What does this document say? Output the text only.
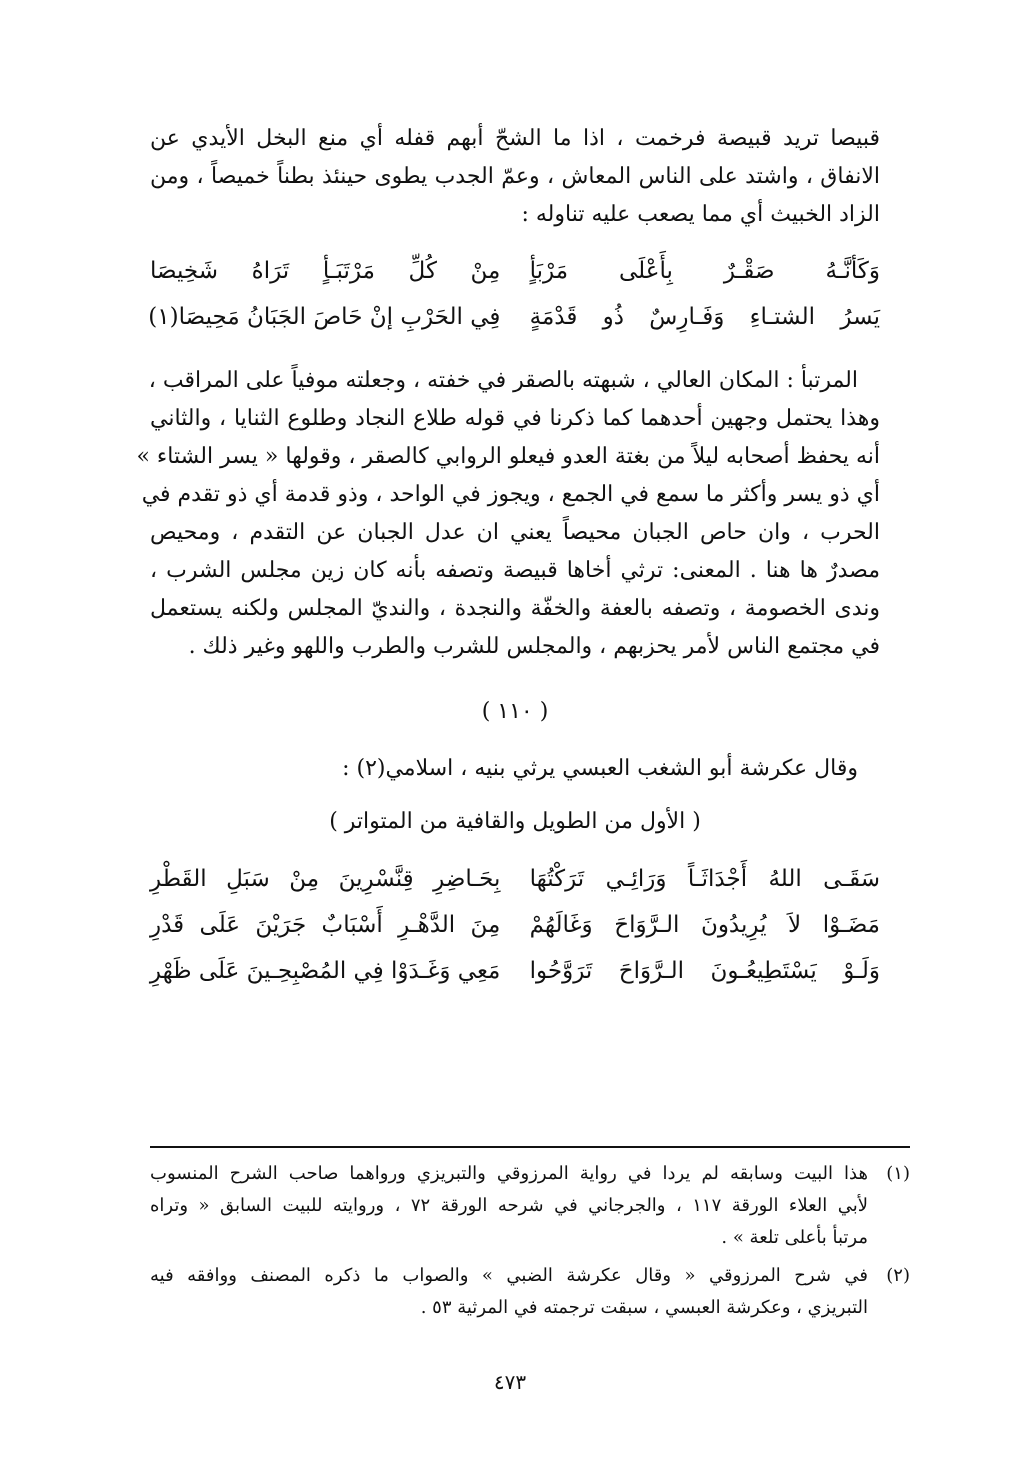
قبيصا تريد قبيصة فرخمت ، اذا ما الشحّ أبهم قفله أي منع البخل الأيدي عن
الانفاق ، واشتد على الناس المعاش ، وعمّ الجدب يطوى حينئذ بطناً خميصاً ، ومن
الزاد الخبيث أي مما يصعب عليه تناوله :
وَكَأنَّـهُ صَقْـرٌ بِأَعْلَى مَرْبَأٍ
مِنْ كُلِّ مَرْتَبَـأٍ تَرَاهُ شَخِيصَا
يَسرُ الشتـاءِ وَفَـارِسٌ ذُو قَدْمَةٍ
فِي الحَرْبِ إنْ حَاصَ الجَبَانُ مَحِيصَا(١)
المرتبأ : المكان العالي ، شبهته بالصقر في خفته ، وجعلته موفياً على المراقب ،
وهذا يحتمل وجهين أحدهما كما ذكرنا في قوله طلاع النجاد وطلوع الثنايا ، والثاني
أنه يحفظ أصحابه ليلاً من بغتة العدو فيعلو الروابي كالصقر ، وقولها « يسر الشتاء »
أي ذو يسر وأكثر ما سمع في الجمع ، ويجوز في الواحد ، وذو قدمة أي ذو تقدم في
الحرب ، وان حاص الجبان محيصاً يعني ان عدل الجبان عن التقدم ، ومحيص
مصدرٌ ها هنا . المعنى: ترثي أخاها قبيصة وتصفه بأنه كان زين مجلس الشرب ،
وندى الخصومة ، وتصفه بالعفة والخفّة والنجدة ، والنديّ المجلس ولكنه يستعمل
في مجتمع الناس لأمر يحزبهم ، والمجلس للشرب والطرب واللهو وغير ذلك .
( ١١٠ )
وقال عكرشة أبو الشغب العبسي يرثي بنيه ، اسلامي(٢) :
( الأول من الطويل والقافية من المتواتر )
سَقَـى اللهُ أَجْدَاثَـاً وَرَائِـي تَرَكْتُهَا
بِحَـاضِرِ قِنَّسْرِينَ مِنْ سَبَلِ القَطْرِ
مَضَـوْا لاَ يُرِيدُونَ الـرَّوَاحَ وَغَالَهُمْ
مِنَ الدَّهْـرِ أَسْبَابٌ جَرَيْنَ عَلَى قَدْرِ
وَلَـوْ يَسْتَطِيعُـونَ الـرَّوَاحَ تَرَوَّحُوا
مَعِي وَغَـدَوْا فِي المُصْبِحِـينَ عَلَى ظَهْرِ
(١)
هذا البيت وسابقه لم يردا في رواية المرزوقي والتبريزي ورواهما صاحب الشرح المنسوب
لأبي العلاء الورقة ١١٧ ، والجرجاني في شرحه الورقة ٧٢ ، وروايته للبيت السابق « وتراه
مرتبأ بأعلى تلعة » .
(٢)
في شرح المرزوقي « وقال عكرشة الضبي » والصواب ما ذكره المصنف ووافقه فيه
التبريزي ، وعكرشة العبسي ، سبقت ترجمته في المرثية ٥٣ .
٤٧٣
